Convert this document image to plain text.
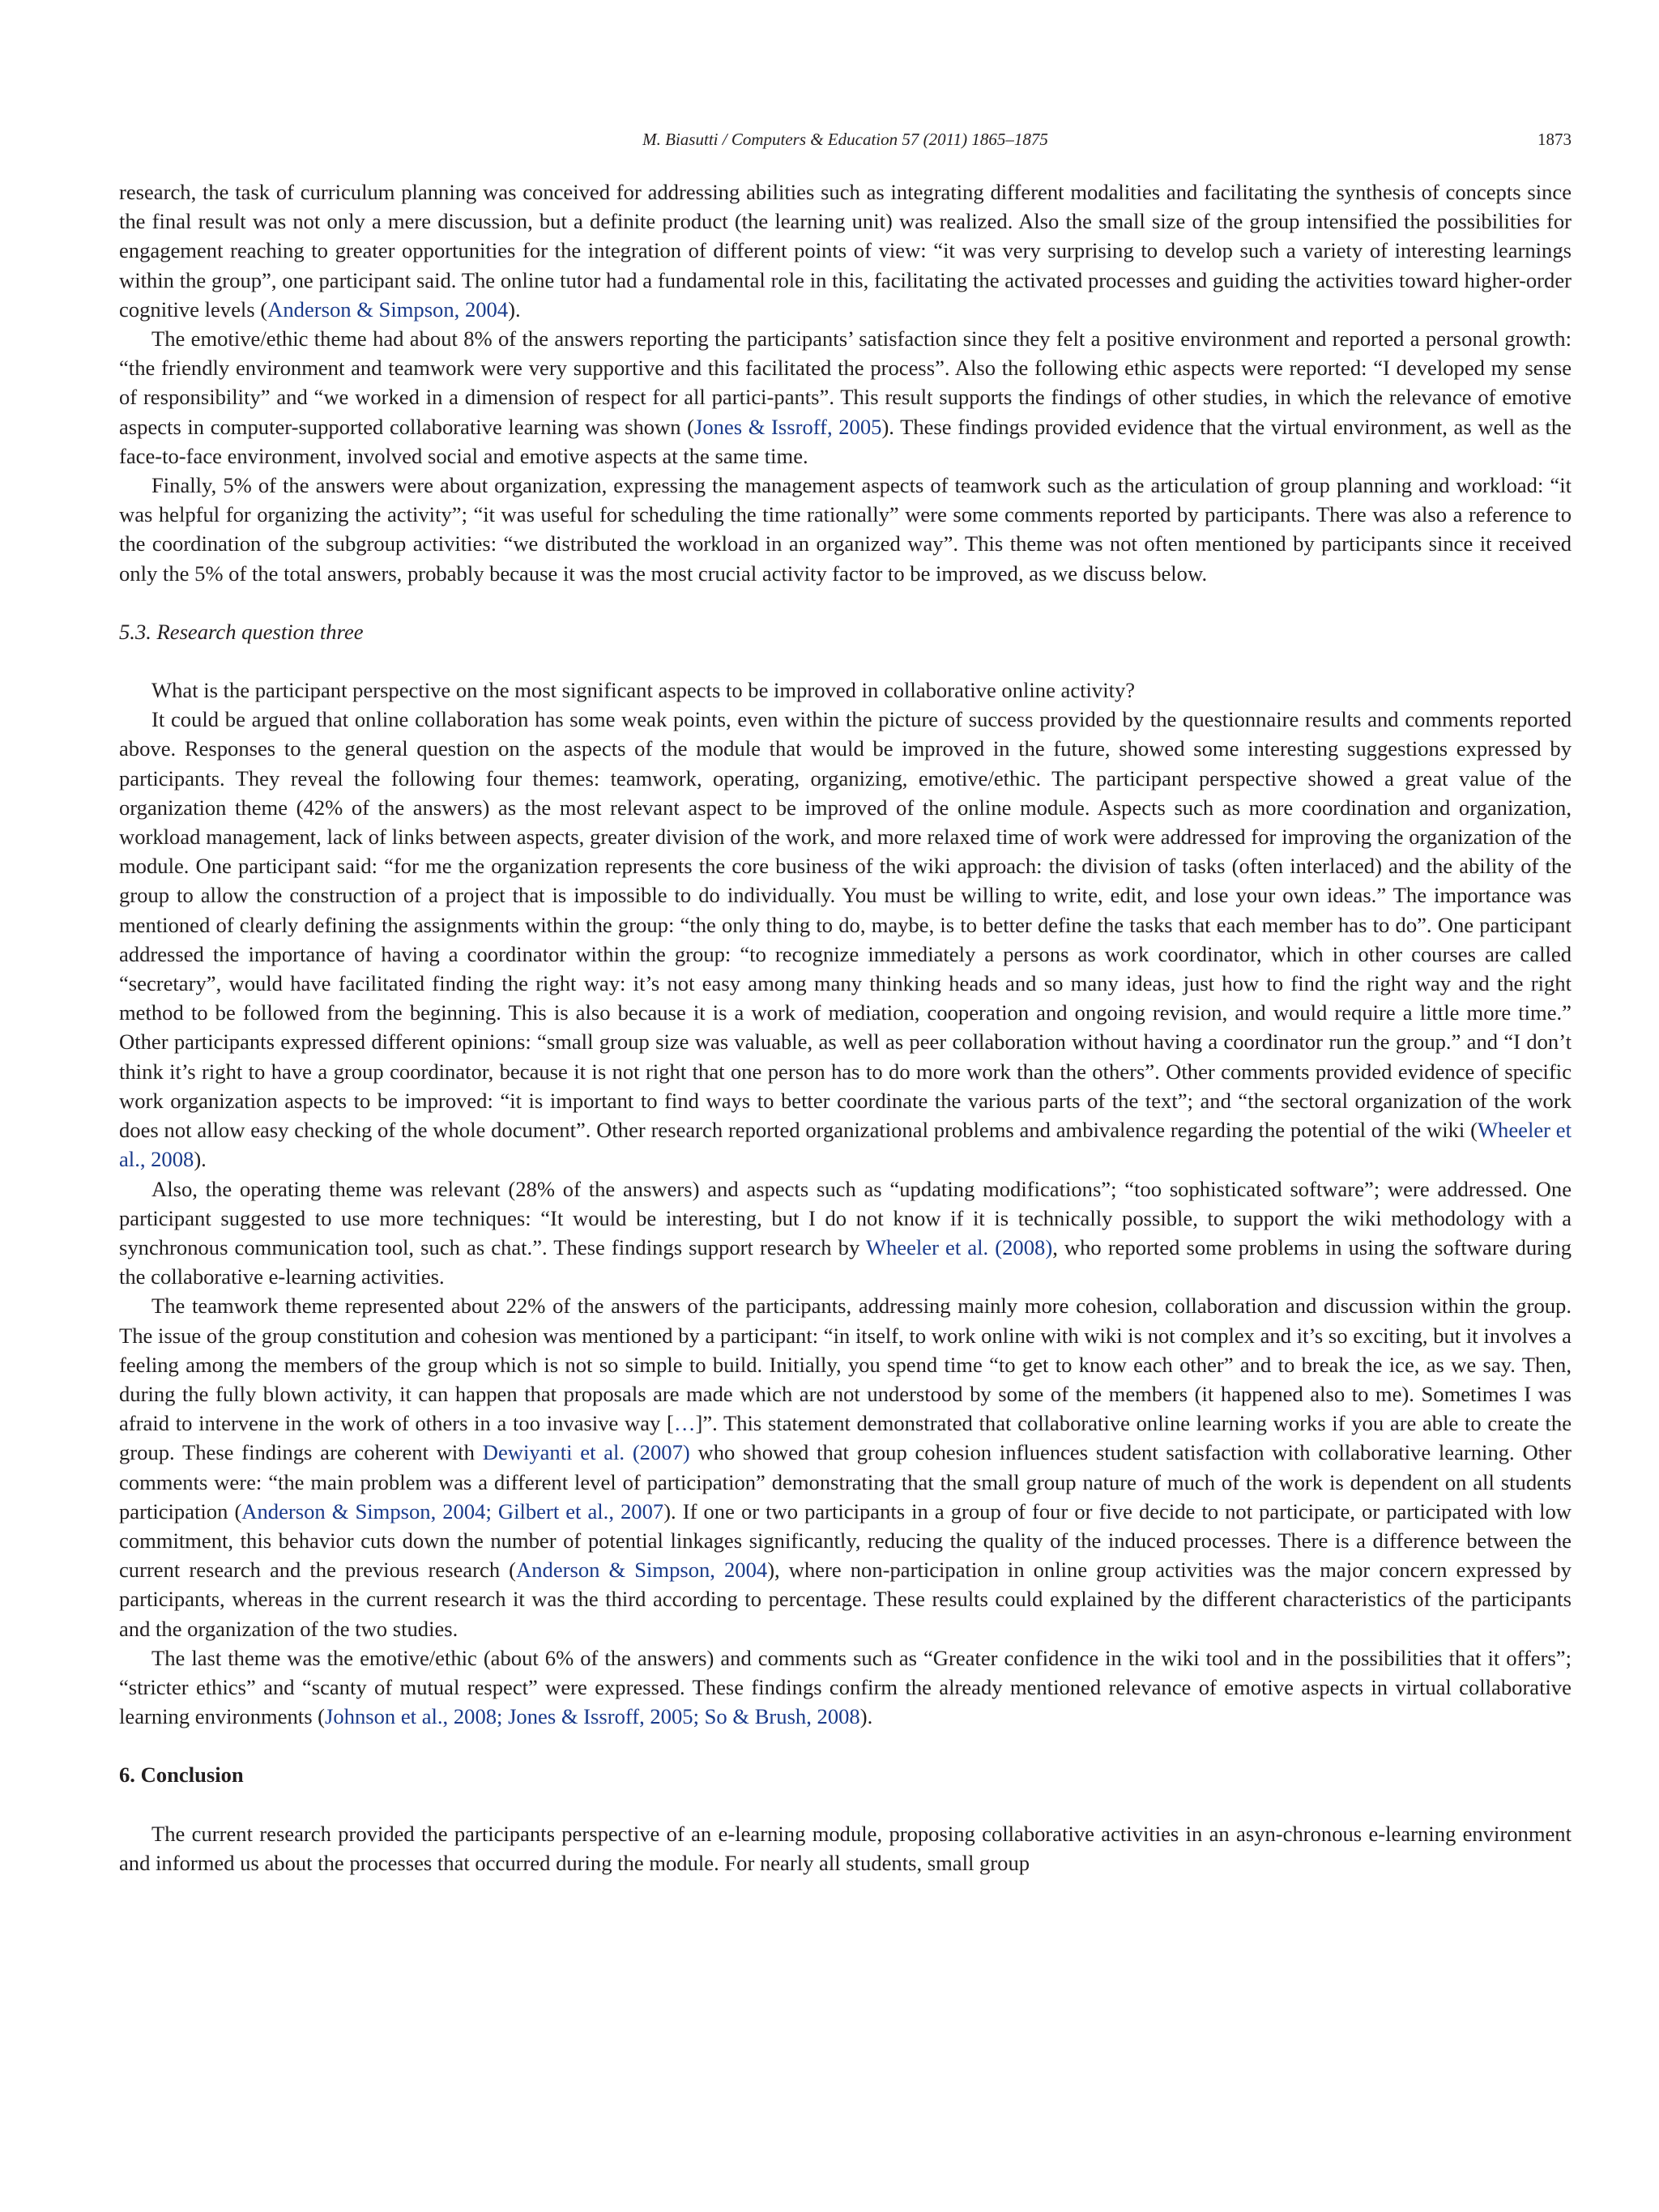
M. Biasutti / Computers & Education 57 (2011) 1865–1875	1873

research, the task of curriculum planning was conceived for addressing abilities such as integrating different modalities and facilitating the synthesis of concepts since the final result was not only a mere discussion, but a definite product (the learning unit) was realized. Also the small size of the group intensified the possibilities for engagement reaching to greater opportunities for the integration of different points of view: “it was very surprising to develop such a variety of interesting learnings within the group”, one participant said. The online tutor had a fundamental role in this, facilitating the activated processes and guiding the activities toward higher-order cognitive levels (Anderson & Simpson, 2004).

The emotive/ethic theme had about 8% of the answers reporting the participants’ satisfaction since they felt a positive environment and reported a personal growth: “the friendly environment and teamwork were very supportive and this facilitated the process”. Also the following ethic aspects were reported: “I developed my sense of responsibility” and “we worked in a dimension of respect for all partici-pants”. This result supports the findings of other studies, in which the relevance of emotive aspects in computer-supported collaborative learning was shown (Jones & Issroff, 2005). These findings provided evidence that the virtual environment, as well as the face-to-face environment, involved social and emotive aspects at the same time.

Finally, 5% of the answers were about organization, expressing the management aspects of teamwork such as the articulation of group planning and workload: “it was helpful for organizing the activity”; “it was useful for scheduling the time rationally” were some comments reported by participants. There was also a reference to the coordination of the subgroup activities: “we distributed the workload in an organized way”. This theme was not often mentioned by participants since it received only the 5% of the total answers, probably because it was the most crucial activity factor to be improved, as we discuss below.

5.3. Research question three

What is the participant perspective on the most significant aspects to be improved in collaborative online activity?

It could be argued that online collaboration has some weak points, even within the picture of success provided by the questionnaire results and comments reported above. Responses to the general question on the aspects of the module that would be improved in the future, showed some interesting suggestions expressed by participants. They reveal the following four themes: teamwork, operating, organizing, emotive/ethic. The participant perspective showed a great value of the organization theme (42% of the answers) as the most relevant aspect to be improved of the online module. Aspects such as more coordination and organization, workload management, lack of links between aspects, greater division of the work, and more relaxed time of work were addressed for improving the organization of the module. One participant said: “for me the organization represents the core business of the wiki approach: the division of tasks (often interlaced) and the ability of the group to allow the construction of a project that is impossible to do individually. You must be willing to write, edit, and lose your own ideas.” The importance was mentioned of clearly defining the assignments within the group: “the only thing to do, maybe, is to better define the tasks that each member has to do”. One participant addressed the importance of having a coordinator within the group: “to recognize immediately a persons as work coordinator, which in other courses are called “secretary”, would have facilitated finding the right way: it’s not easy among many thinking heads and so many ideas, just how to find the right way and the right method to be followed from the beginning. This is also because it is a work of mediation, cooperation and ongoing revision, and would require a little more time.” Other participants expressed different opinions: “small group size was valuable, as well as peer collaboration without having a coordinator run the group.” and “I don’t think it’s right to have a group coordinator, because it is not right that one person has to do more work than the others”. Other comments provided evidence of specific work organization aspects to be improved: “it is important to find ways to better coordinate the various parts of the text”; and “the sectoral organization of the work does not allow easy checking of the whole document”. Other research reported organizational problems and ambivalence regarding the potential of the wiki (Wheeler et al., 2008).

Also, the operating theme was relevant (28% of the answers) and aspects such as “updating modifications”; “too sophisticated software”; were addressed. One participant suggested to use more techniques: “It would be interesting, but I do not know if it is technically possible, to support the wiki methodology with a synchronous communication tool, such as chat.”. These findings support research by Wheeler et al. (2008), who reported some problems in using the software during the collaborative e-learning activities.

The teamwork theme represented about 22% of the answers of the participants, addressing mainly more cohesion, collaboration and discussion within the group. The issue of the group constitution and cohesion was mentioned by a participant: “in itself, to work online with wiki is not complex and it’s so exciting, but it involves a feeling among the members of the group which is not so simple to build. Initially, you spend time “to get to know each other” and to break the ice, as we say. Then, during the fully blown activity, it can happen that proposals are made which are not understood by some of the members (it happened also to me). Sometimes I was afraid to intervene in the work of others in a too invasive way […]”. This statement demonstrated that collaborative online learning works if you are able to create the group. These findings are coherent with Dewiyanti et al. (2007) who showed that group cohesion influences student satisfaction with collaborative learning. Other comments were: “the main problem was a different level of participation” demonstrating that the small group nature of much of the work is dependent on all students participation (Anderson & Simpson, 2004; Gilbert et al., 2007). If one or two participants in a group of four or five decide to not participate, or participated with low commitment, this behavior cuts down the number of potential linkages significantly, reducing the quality of the induced processes. There is a difference between the current research and the previous research (Anderson & Simpson, 2004), where non-participation in online group activities was the major concern expressed by participants, whereas in the current research it was the third according to percentage. These results could explained by the different characteristics of the participants and the organization of the two studies.

The last theme was the emotive/ethic (about 6% of the answers) and comments such as “Greater confidence in the wiki tool and in the possibilities that it offers”; “stricter ethics” and “scanty of mutual respect” were expressed. These findings confirm the already mentioned relevance of emotive aspects in virtual collaborative learning environments (Johnson et al., 2008; Jones & Issroff, 2005; So & Brush, 2008).

6. Conclusion

The current research provided the participants perspective of an e-learning module, proposing collaborative activities in an asyn-chronous e-learning environment and informed us about the processes that occurred during the module. For nearly all students, small group
